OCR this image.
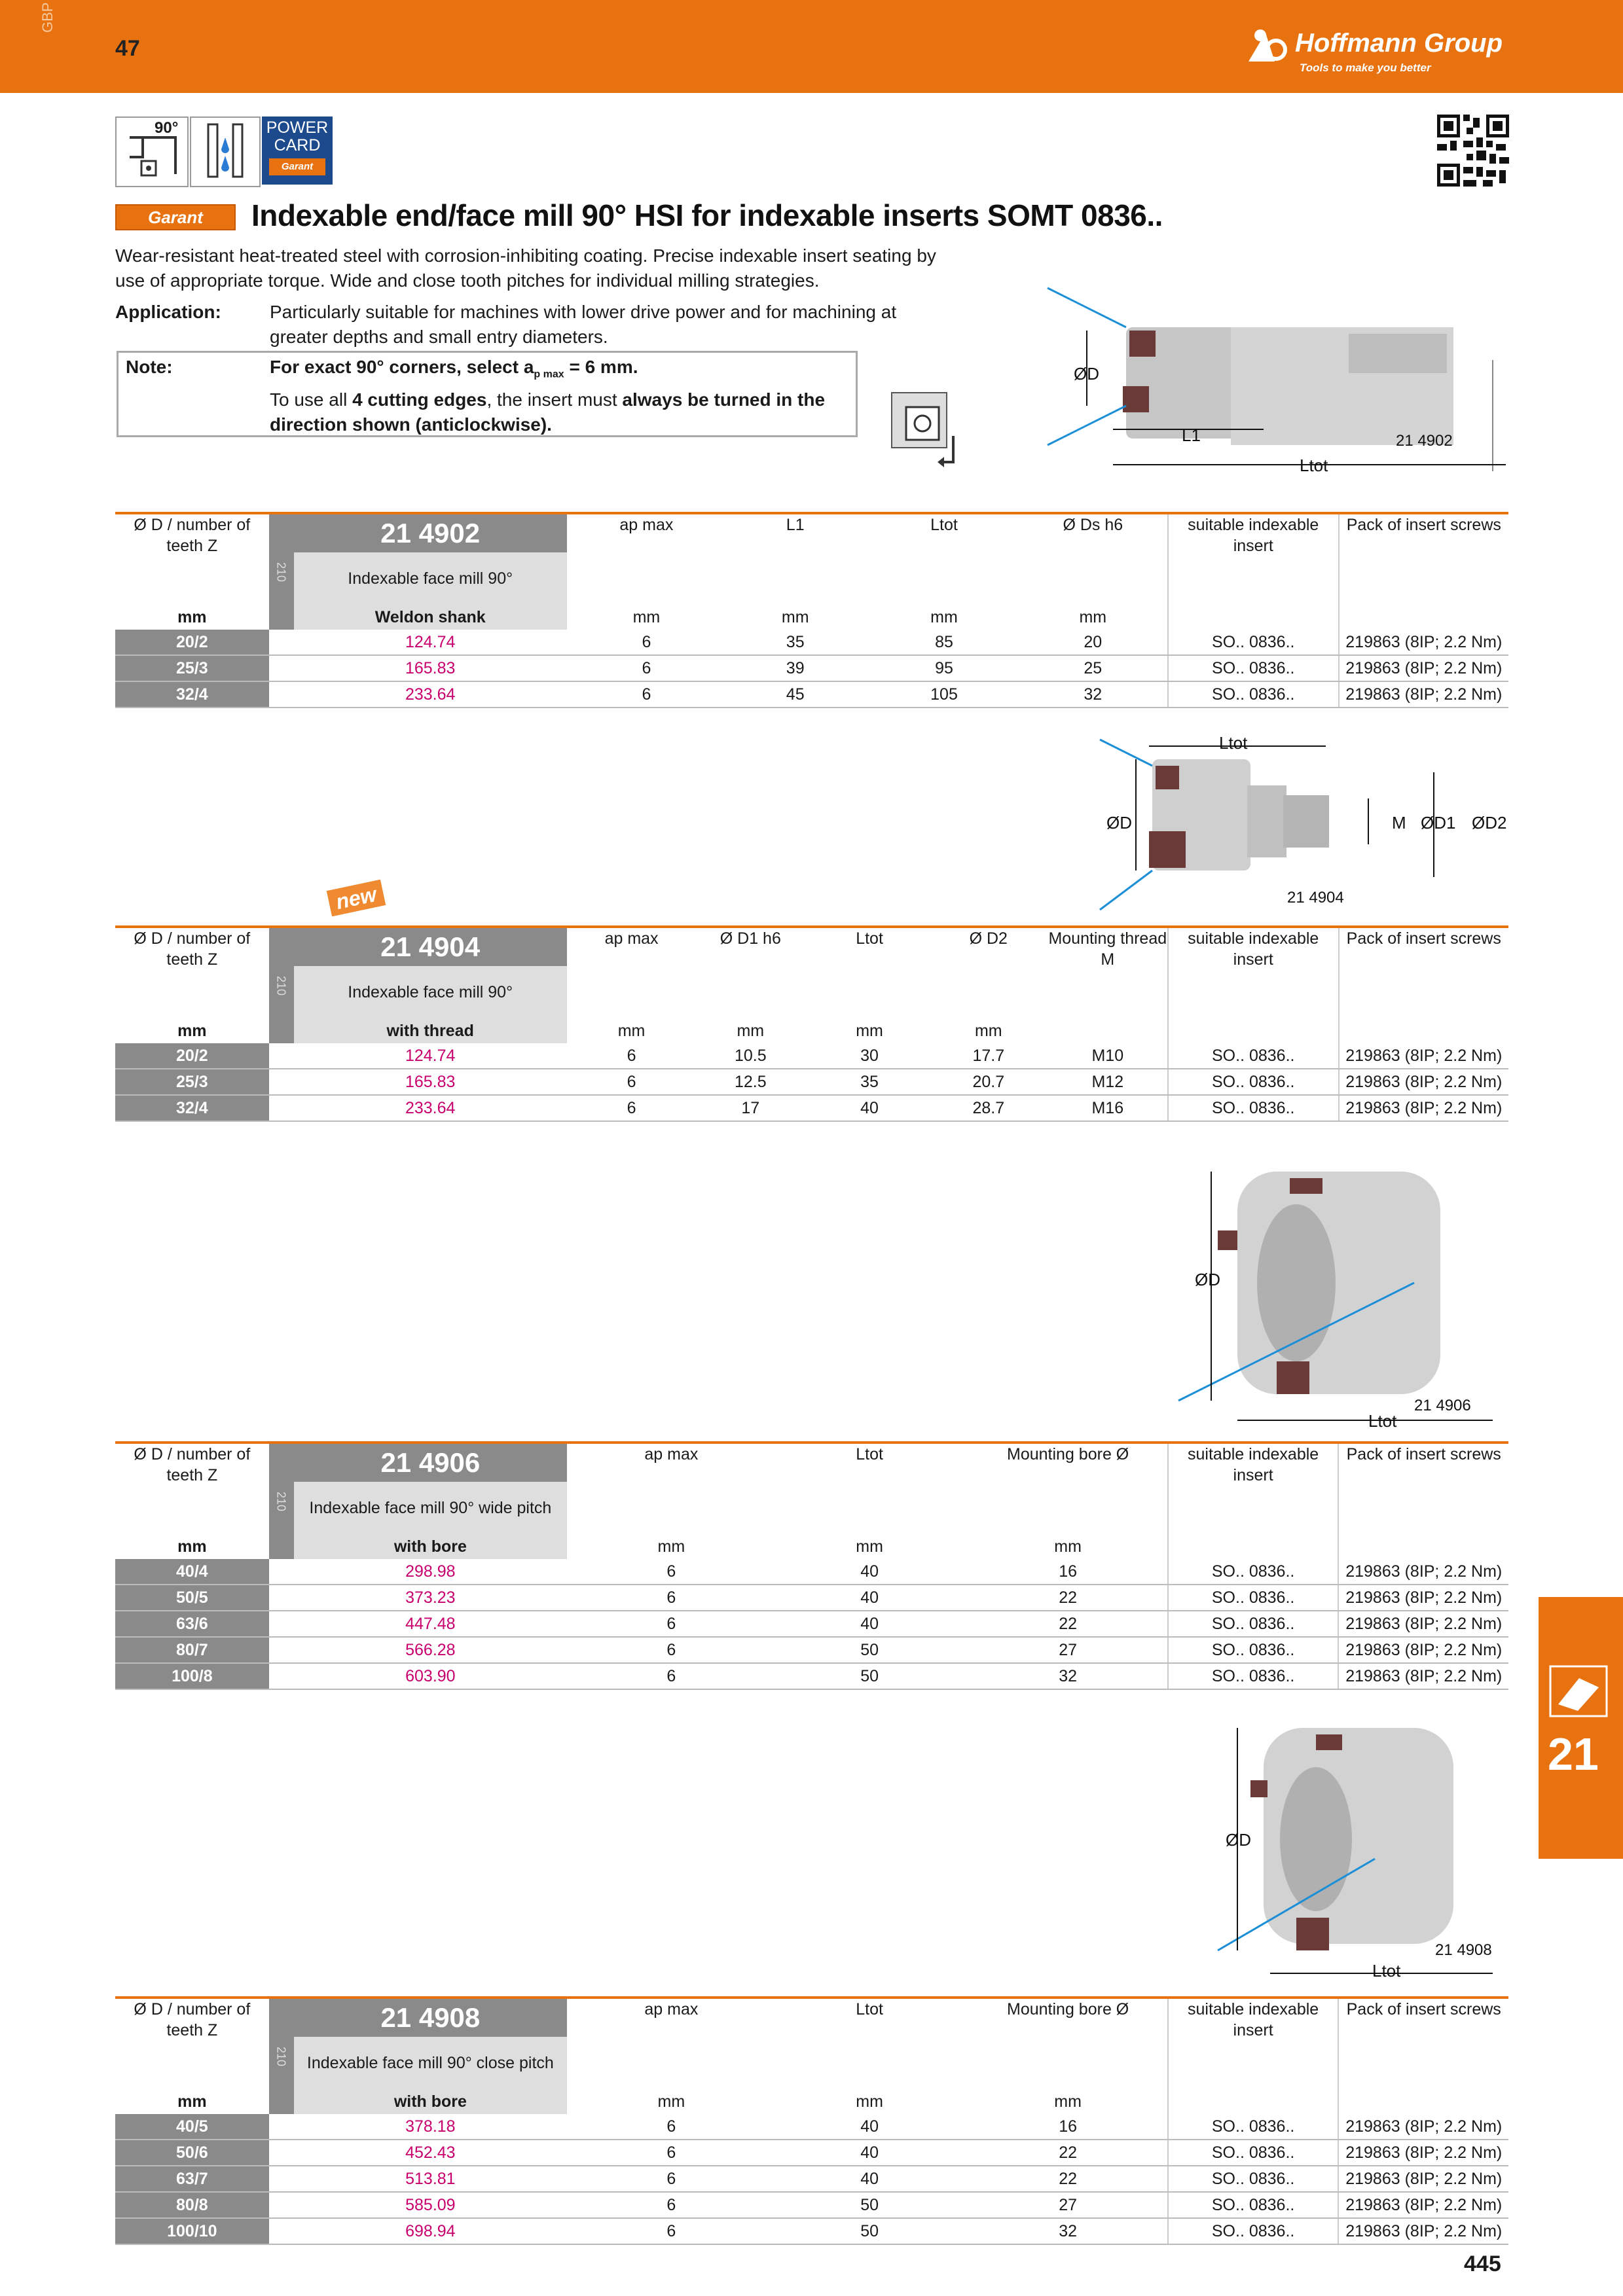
GBP
47	Hoffmann Group
Tools to make you better
90°	POWER
CARD
Garant
Garant	Indexable end/face mill 90° HSI for indexable inserts SOMT 0836..
Wear-resistant heat-treated steel with corrosion-inhibiting coating. Precise indexable insert seating by use of appropriate torque. Wide and close tooth pitches for individual milling strategies.
Application:	Particularly suitable for machines with lower drive power and for machining at greater depths and small entry diameters.
Note:	For exact 90° corners, select $a_{p max} = 6$ mm.
To use all 4 cutting edges, the insert must always be turned in the direction shown (anticlockwise).
ØD
L1
Ltot
21 4902
ØD
Ltot
M ØD1 ØD2
21 4904
new
ØD
Ltot
21 4906
ØD
Ltot
21 4908
Ø D / number of teeth Z	210	21 4902		ap max	L1	Ltot	Ø Ds h6	suitable indexable insert	Pack of insert screws
		Indexable face mill 90°							
mm		Weldon shank		mm	mm	mm	mm		
20/2		124.74		6	35	85	20	SO.. 0836..	219863 (8IP; 2.2 Nm)
25/3		165.83		6	39	95	25	SO.. 0836..	219863 (8IP; 2.2 Nm)
32/4		233.64		6	45	105	32	SO.. 0836..	219863 (8IP; 2.2 Nm)
Ø D / number of teeth Z	210	21 4904		ap max	Ø D1 h6	Ltot	Ø D2	Mounting thread M	suitable indexable insert	Pack of insert screws
		Indexable face mill 90°								
mm		with thread		mm	mm	mm	mm			
20/2		124.74		6	10.5	30	17.7	M10	SO.. 0836..	219863 (8IP; 2.2 Nm)
25/3		165.83		6	12.5	35	20.7	M12	SO.. 0836..	219863 (8IP; 2.2 Nm)
32/4		233.64		6	17	40	28.7	M16	SO.. 0836..	219863 (8IP; 2.2 Nm)
Ø D / number of teeth Z	210	21 4906		ap max	Ltot	Mounting bore Ø	suitable indexable insert	Pack of insert screws
		Indexable face mill 90° wide pitch						
mm		with bore		mm	mm	mm		
40/4		298.98		6	40	16	SO.. 0836..	219863 (8IP; 2.2 Nm)
50/5		373.23		6	40	22	SO.. 0836..	219863 (8IP; 2.2 Nm)
63/6		447.48		6	40	22	SO.. 0836..	219863 (8IP; 2.2 Nm)
80/7		566.28		6	50	27	SO.. 0836..	219863 (8IP; 2.2 Nm)
100/8		603.90		6	50	32	SO.. 0836..	219863 (8IP; 2.2 Nm)
Ø D / number of teeth Z	210	21 4908		ap max	Ltot	Mounting bore Ø	suitable indexable insert	Pack of insert screws
		Indexable face mill 90° close pitch						
mm		with bore		mm	mm	mm		
40/5		378.18		6	40	16	SO.. 0836..	219863 (8IP; 2.2 Nm)
50/6		452.43		6	40	22	SO.. 0836..	219863 (8IP; 2.2 Nm)
63/7		513.81		6	40	22	SO.. 0836..	219863 (8IP; 2.2 Nm)
80/8		585.09		6	50	27	SO.. 0836..	219863 (8IP; 2.2 Nm)
100/10		698.94		6	50	32	SO.. 0836..	219863 (8IP; 2.2 Nm)
21
445
